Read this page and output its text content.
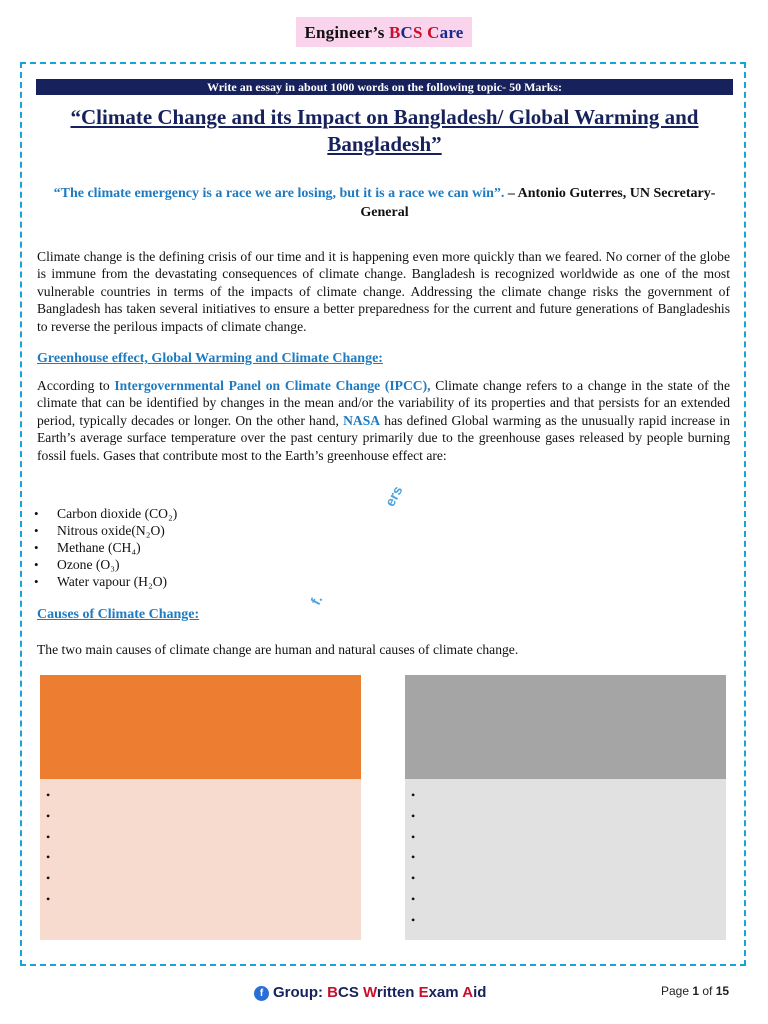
Engineer’s BCS Care
Write an essay in about 1000 words on the following topic- 50 Marks:
“Climate Change and its Impact on Bangladesh/ Global Warming and Bangladesh”
“The climate emergency is a race we are losing, but it is a race we can win”. – Antonio Guterres, UN Secretary-General
Climate change is the defining crisis of our time and it is happening even more quickly than we feared. No corner of the globe is immune from the devastating consequences of climate change. Bangladesh is recognized worldwide as one of the most vulnerable countries in terms of the impacts of climate change. Addressing the climate change risks the government of Bangladesh has taken several initiatives to ensure a better preparedness for the current and future generations of Bangladeshis to reverse the perilous impacts of climate change.
Greenhouse effect, Global Warming and Climate Change:
According to Intergovernmental Panel on Climate Change (IPCC), Climate change refers to a change in the state of the climate that can be identified by changes in the mean and/or the variability of its properties and that persists for an extended period, typically decades or longer. On the other hand, NASA has defined Global warming as the unusually rapid increase in Earth’s average surface temperature over the past century primarily due to the greenhouse gases released by people burning fossil fuels. Gases that contribute most to the Earth’s greenhouse effect are:
• Carbon dioxide (CO₂)
• Nitrous oxide(N₂O)
• Methane (CH₄)
• Ozone (O₃)
• Water vapour (H₂O)
ers
f.
Causes of Climate Change:
The two main causes of climate change are human and natural causes of climate change.
•
•
•
•
•
•
•
•
•
•
•
•
•
f Group: BCS Written Exam Aid	Page 1 of 15
